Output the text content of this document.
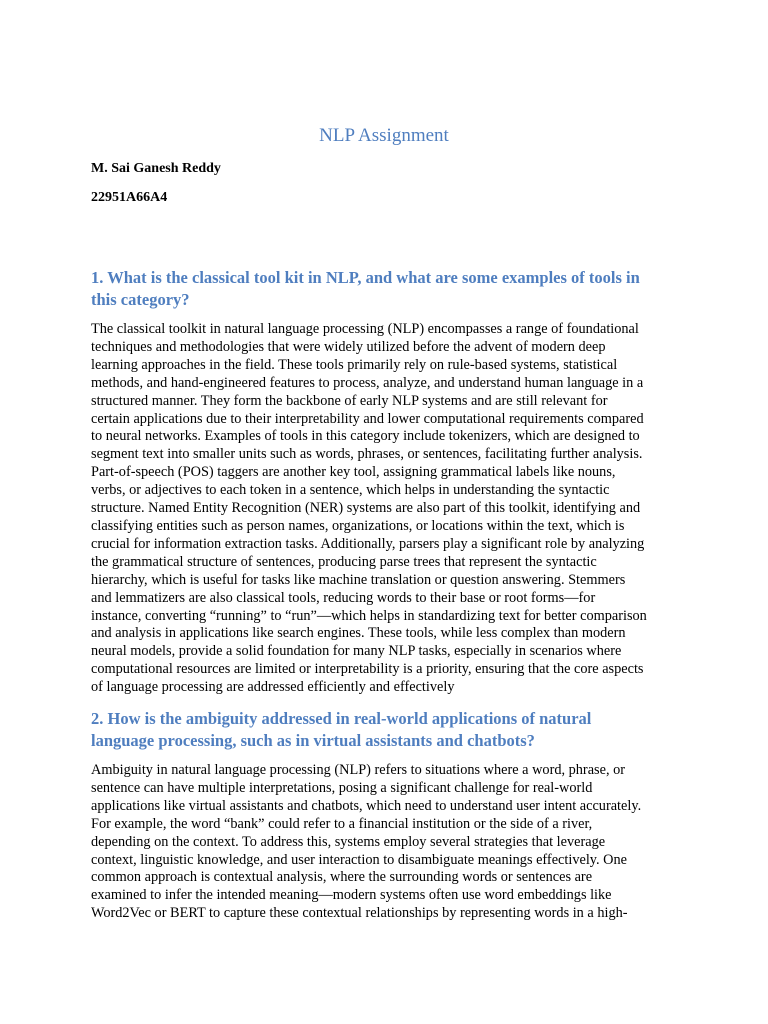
NLP Assignment

M. Sai Ganesh Reddy

22951A66A4

1. What is the classical tool kit in NLP, and what are some examples of tools in
this category?
The classical toolkit in natural language processing (NLP) encompasses a range of foundational
techniques and methodologies that were widely utilized before the advent of modern deep
learning approaches in the field. These tools primarily rely on rule-based systems, statistical
methods, and hand-engineered features to process, analyze, and understand human language in a
structured manner. They form the backbone of early NLP systems and are still relevant for
certain applications due to their interpretability and lower computational requirements compared
to neural networks. Examples of tools in this category include tokenizers, which are designed to
segment text into smaller units such as words, phrases, or sentences, facilitating further analysis.
Part-of-speech (POS) taggers are another key tool, assigning grammatical labels like nouns,
verbs, or adjectives to each token in a sentence, which helps in understanding the syntactic
structure. Named Entity Recognition (NER) systems are also part of this toolkit, identifying and
classifying entities such as person names, organizations, or locations within the text, which is
crucial for information extraction tasks. Additionally, parsers play a significant role by analyzing
the grammatical structure of sentences, producing parse trees that represent the syntactic
hierarchy, which is useful for tasks like machine translation or question answering. Stemmers
and lemmatizers are also classical tools, reducing words to their base or root forms—for
instance, converting “running” to “run”—which helps in standardizing text for better comparison
and analysis in applications like search engines. These tools, while less complex than modern
neural models, provide a solid foundation for many NLP tasks, especially in scenarios where
computational resources are limited or interpretability is a priority, ensuring that the core aspects
of language processing are addressed efficiently and effectively
2. How is the ambiguity addressed in real-world applications of natural
language processing, such as in virtual assistants and chatbots?
Ambiguity in natural language processing (NLP) refers to situations where a word, phrase, or
sentence can have multiple interpretations, posing a significant challenge for real-world
applications like virtual assistants and chatbots, which need to understand user intent accurately.
For example, the word “bank” could refer to a financial institution or the side of a river,
depending on the context. To address this, systems employ several strategies that leverage
context, linguistic knowledge, and user interaction to disambiguate meanings effectively. One
common approach is contextual analysis, where the surrounding words or sentences are
examined to infer the intended meaning—modern systems often use word embeddings like
Word2Vec or BERT to capture these contextual relationships by representing words in a high-
